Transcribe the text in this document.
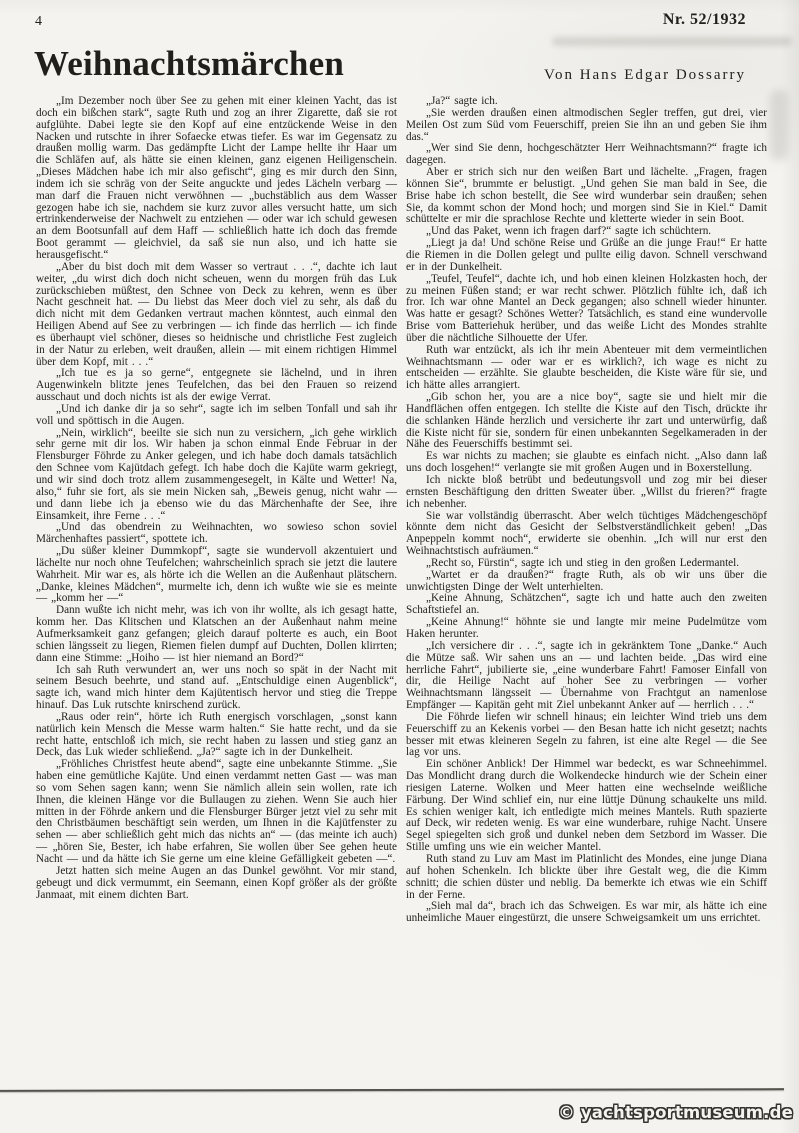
4	Nr. 52/1932
Weihnachtsmärchen	Von Hans Edgar Dossarry

„Im Dezember noch über See zu gehen mit einer kleinen Yacht, das ist doch ein bißchen stark“, sagte Ruth und zog an ihrer Zigarette, daß sie rot aufglühte. Dabei legte sie den Kopf auf eine entzückende Weise in den Nacken und rutschte in ihrer Sofaecke etwas tiefer. Es war im Gegensatz zu draußen mollig warm. Das gedämpfte Licht der Lampe hellte ihr Haar um die Schläfen auf, als hätte sie einen kleinen, ganz eigenen Heiligenschein. „Dieses Mädchen habe ich mir also gefischt“, ging es mir durch den Sinn, indem ich sie schräg von der Seite anguckte und jedes Lächeln verbarg — man darf die Frauen nicht verwöhnen — „buchstäblich aus dem Wasser gezogen habe ich sie, nachdem sie kurz zuvor alles versucht hatte, um sich ertrinkenderweise der Nachwelt zu entziehen — oder war ich schuld gewesen an dem Bootsunfall auf dem Haff — schließlich hatte ich doch das fremde Boot gerammt — gleichviel, da saß sie nun also, und ich hatte sie herausgefischt.“

„Aber du bist doch mit dem Wasser so vertraut . . .“, dachte ich laut weiter, „du wirst dich doch nicht scheuen, wenn du morgen früh das Luk zurückschieben müßtest, den Schnee von Deck zu kehren, wenn es über Nacht geschneit hat. — Du liebst das Meer doch viel zu sehr, als daß du dich nicht mit dem Gedanken vertraut machen könntest, auch einmal den Heiligen Abend auf See zu verbringen — ich finde das herrlich — ich finde es überhaupt viel schöner, dieses so heidnische und christliche Fest zugleich in der Natur zu erleben, weit draußen, allein — mit einem richtigen Himmel über dem Kopf, mit . . .“

„Ich tue es ja so gerne“, entgegnete sie lächelnd, und in ihren Augenwinkeln blitzte jenes Teufelchen, das bei den Frauen so reizend ausschaut und doch nichts ist als der ewige Verrat.

„Und ich danke dir ja so sehr“, sagte ich im selben Tonfall und sah ihr voll und spöttisch in die Augen.

„Nein, wirklich“, beeilte sie sich nun zu versichern, „ich gehe wirklich sehr gerne mit dir los. Wir haben ja schon einmal Ende Februar in der Flensburger Föhrde zu Anker gelegen, und ich habe doch damals tatsächlich den Schnee vom Kajütdach gefegt. Ich habe doch die Kajüte warm gekriegt, und wir sind doch trotz allem zusammengesegelt, in Kälte und Wetter! Na, also,“ fuhr sie fort, als sie mein Nicken sah, „Beweis genug, nicht wahr — und dann liebe ich ja ebenso wie du das Märchenhafte der See, ihre Einsamkeit, ihre Ferne . . .“

„Und das obendrein zu Weihnachten, wo sowieso schon soviel Märchenhaftes passiert“, spottete ich.

„Du süßer kleiner Dummkopf“, sagte sie wundervoll akzentuiert und lächelte nur noch ohne Teufelchen; wahrscheinlich sprach sie jetzt die lautere Wahrheit. Mir war es, als hörte ich die Wellen an die Außenhaut plätschern. „Danke, kleines Mädchen“, murmelte ich, denn ich wußte wie sie es meinte — „komm her —“

Dann wußte ich nicht mehr, was ich von ihr wollte, als ich gesagt hatte, komm her. Das Klitschen und Klatschen an der Außenhaut nahm meine Aufmerksamkeit ganz gefangen; gleich darauf polterte es auch, ein Boot schien längsseit zu liegen, Riemen fielen dumpf auf Duchten, Dollen klirrten; dann eine Stimme: „Hoiho — ist hier niemand an Bord?“

Ich sah Ruth verwundert an, wer uns noch so spät in der Nacht mit seinem Besuch beehrte, und stand auf. „Entschuldige einen Augenblick“, sagte ich, wand mich hinter dem Kajütentisch hervor und stieg die Treppe hinauf. Das Luk rutschte knirschend zurück.

„Raus oder rein“, hörte ich Ruth energisch vorschlagen, „sonst kann natürlich kein Mensch die Messe warm halten.“ Sie hatte recht, und da sie recht hatte, entschloß ich mich, sie recht haben zu lassen und stieg ganz an Deck, das Luk wieder schließend. „Ja?“ sagte ich in der Dunkelheit.

„Fröhliches Christfest heute abend“, sagte eine unbekannte Stimme. „Sie haben eine gemütliche Kajüte. Und einen verdammt netten Gast — was man so vom Sehen sagen kann; wenn Sie nämlich allein sein wollen, rate ich Ihnen, die kleinen Hänge vor die Bullaugen zu ziehen. Wenn Sie auch hier mitten in der Föhrde ankern und die Flensburger Bürger jetzt viel zu sehr mit den Christbäumen beschäftigt sein werden, um Ihnen in die Kajütfenster zu sehen — aber schließlich geht mich das nichts an“ — (das meinte ich auch) — „hören Sie, Bester, ich habe erfahren, Sie wollen über See gehen heute Nacht — und da hätte ich Sie gerne um eine kleine Gefälligkeit gebeten —“.

Jetzt hatten sich meine Augen an das Dunkel gewöhnt. Vor mir stand, gebeugt und dick vermummt, ein Seemann, einen Kopf größer als der größte Janmaat, mit einem dichten Bart.

„Ja?“ sagte ich.

„Sie werden draußen einen altmodischen Segler treffen, gut drei, vier Meilen Ost zum Süd vom Feuerschiff, preien Sie ihn an und geben Sie ihm das.“

„Wer sind Sie denn, hochgeschätzter Herr Weihnachtsmann?“ fragte ich dagegen.

Aber er strich sich nur den weißen Bart und lächelte. „Fragen, fragen können Sie“, brummte er belustigt. „Und gehen Sie man bald in See, die Brise habe ich schon bestellt, die See wird wunderbar sein draußen; sehen Sie, da kommt schon der Mond hoch; und morgen sind Sie in Kiel.“ Damit schüttelte er mir die sprachlose Rechte und kletterte wieder in sein Boot.

„Und das Paket, wenn ich fragen darf?“ sagte ich schüchtern.

„Liegt ja da! Und schöne Reise und Grüße an die junge Frau!“ Er hatte die Riemen in die Dollen gelegt und pullte eilig davon. Schnell verschwand er in der Dunkelheit.

„Teufel, Teufel“, dachte ich, und hob einen kleinen Holzkasten hoch, der zu meinen Füßen stand; er war recht schwer. Plötzlich fühlte ich, daß ich fror. Ich war ohne Mantel an Deck gegangen; also schnell wieder hinunter. Was hatte er gesagt? Schönes Wetter? Tatsächlich, es stand eine wundervolle Brise vom Batteriehuk herüber, und das weiße Licht des Mondes strahlte über die nächtliche Silhouette der Ufer.

Ruth war entzückt, als ich ihr mein Abenteuer mit dem vermeintlichen Weihnachtsmann — oder war er es wirklich?, ich wage es nicht zu entscheiden — erzählte. Sie glaubte bescheiden, die Kiste wäre für sie, und ich hätte alles arrangiert.

„Gib schon her, you are a nice boy“, sagte sie und hielt mir die Handflächen offen entgegen. Ich stellte die Kiste auf den Tisch, drückte ihr die schlanken Hände herzlich und versicherte ihr zart und unterwürfig, daß die Kiste nicht für sie, sondern für einen unbekannten Segelkameraden in der Nähe des Feuerschiffs bestimmt sei.

Es war nichts zu machen; sie glaubte es einfach nicht. „Also dann laß uns doch losgehen!“ verlangte sie mit großen Augen und in Boxerstellung.

Ich nickte bloß betrübt und bedeutungsvoll und zog mir bei dieser ernsten Beschäftigung den dritten Sweater über. „Willst du frieren?“ fragte ich nebenher.

Sie war vollständig überrascht. Aber welch tüchtiges Mädchengeschöpf könnte dem nicht das Gesicht der Selbstverständlichkeit geben! „Das Anpeppeln kommt noch“, erwiderte sie obenhin. „Ich will nur erst den Weihnachtstisch aufräumen.“

„Recht so, Fürstin“, sagte ich und stieg in den großen Ledermantel.

„Wartet er da draußen?“ fragte Ruth, als ob wir uns über die unwichtigsten Dinge der Welt unterhielten.

„Keine Ahnung, Schätzchen“, sagte ich und hatte auch den zweiten Schaftstiefel an.

„Keine Ahnung!“ höhnte sie und langte mir meine Pudelmütze vom Haken herunter.

„Ich versichere dir . . .“, sagte ich in gekränktem Tone „Danke.“ Auch die Mütze saß. Wir sahen uns an — und lachten beide. „Das wird eine herrliche Fahrt“, jubilierte sie, „eine wunderbare Fahrt! Famoser Einfall von dir, die Heilige Nacht auf hoher See zu verbringen — vorher Weihnachtsmann längsseit — Übernahme von Frachtgut an namenlose Empfänger — Kapitän geht mit Ziel unbekannt Anker auf — herrlich . . .“

Die Föhrde liefen wir schnell hinaus; ein leichter Wind trieb uns dem Feuerschiff zu an Kekenis vorbei — den Besan hatte ich nicht gesetzt; nachts besser mit etwas kleineren Segeln zu fahren, ist eine alte Regel — die See lag vor uns.

Ein schöner Anblick! Der Himmel war bedeckt, es war Schneehimmel. Das Mondlicht drang durch die Wolkendecke hindurch wie der Schein einer riesigen Laterne. Wolken und Meer hatten eine wechselnde weißliche Färbung. Der Wind schlief ein, nur eine lüttje Dünung schaukelte uns mild. Es schien weniger kalt, ich entledigte mich meines Mantels. Ruth spazierte auf Deck, wir redeten wenig. Es war eine wunderbare, ruhige Nacht. Unsere Segel spiegelten sich groß und dunkel neben dem Setzbord im Wasser. Die Stille umfing uns wie ein weicher Mantel.

Ruth stand zu Luv am Mast im Platinlicht des Mondes, eine junge Diana auf hohen Schenkeln. Ich blickte über ihre Gestalt weg, die die Kimm schnitt; die schien düster und neblig. Da bemerkte ich etwas wie ein Schiff in der Ferne.

„Sieh mal da“, brach ich das Schweigen. Es war mir, als hätte ich eine unheimliche Mauer eingestürzt, die unsere Schweigsamkeit um uns errichtet.

© yachtsportmuseum.de
